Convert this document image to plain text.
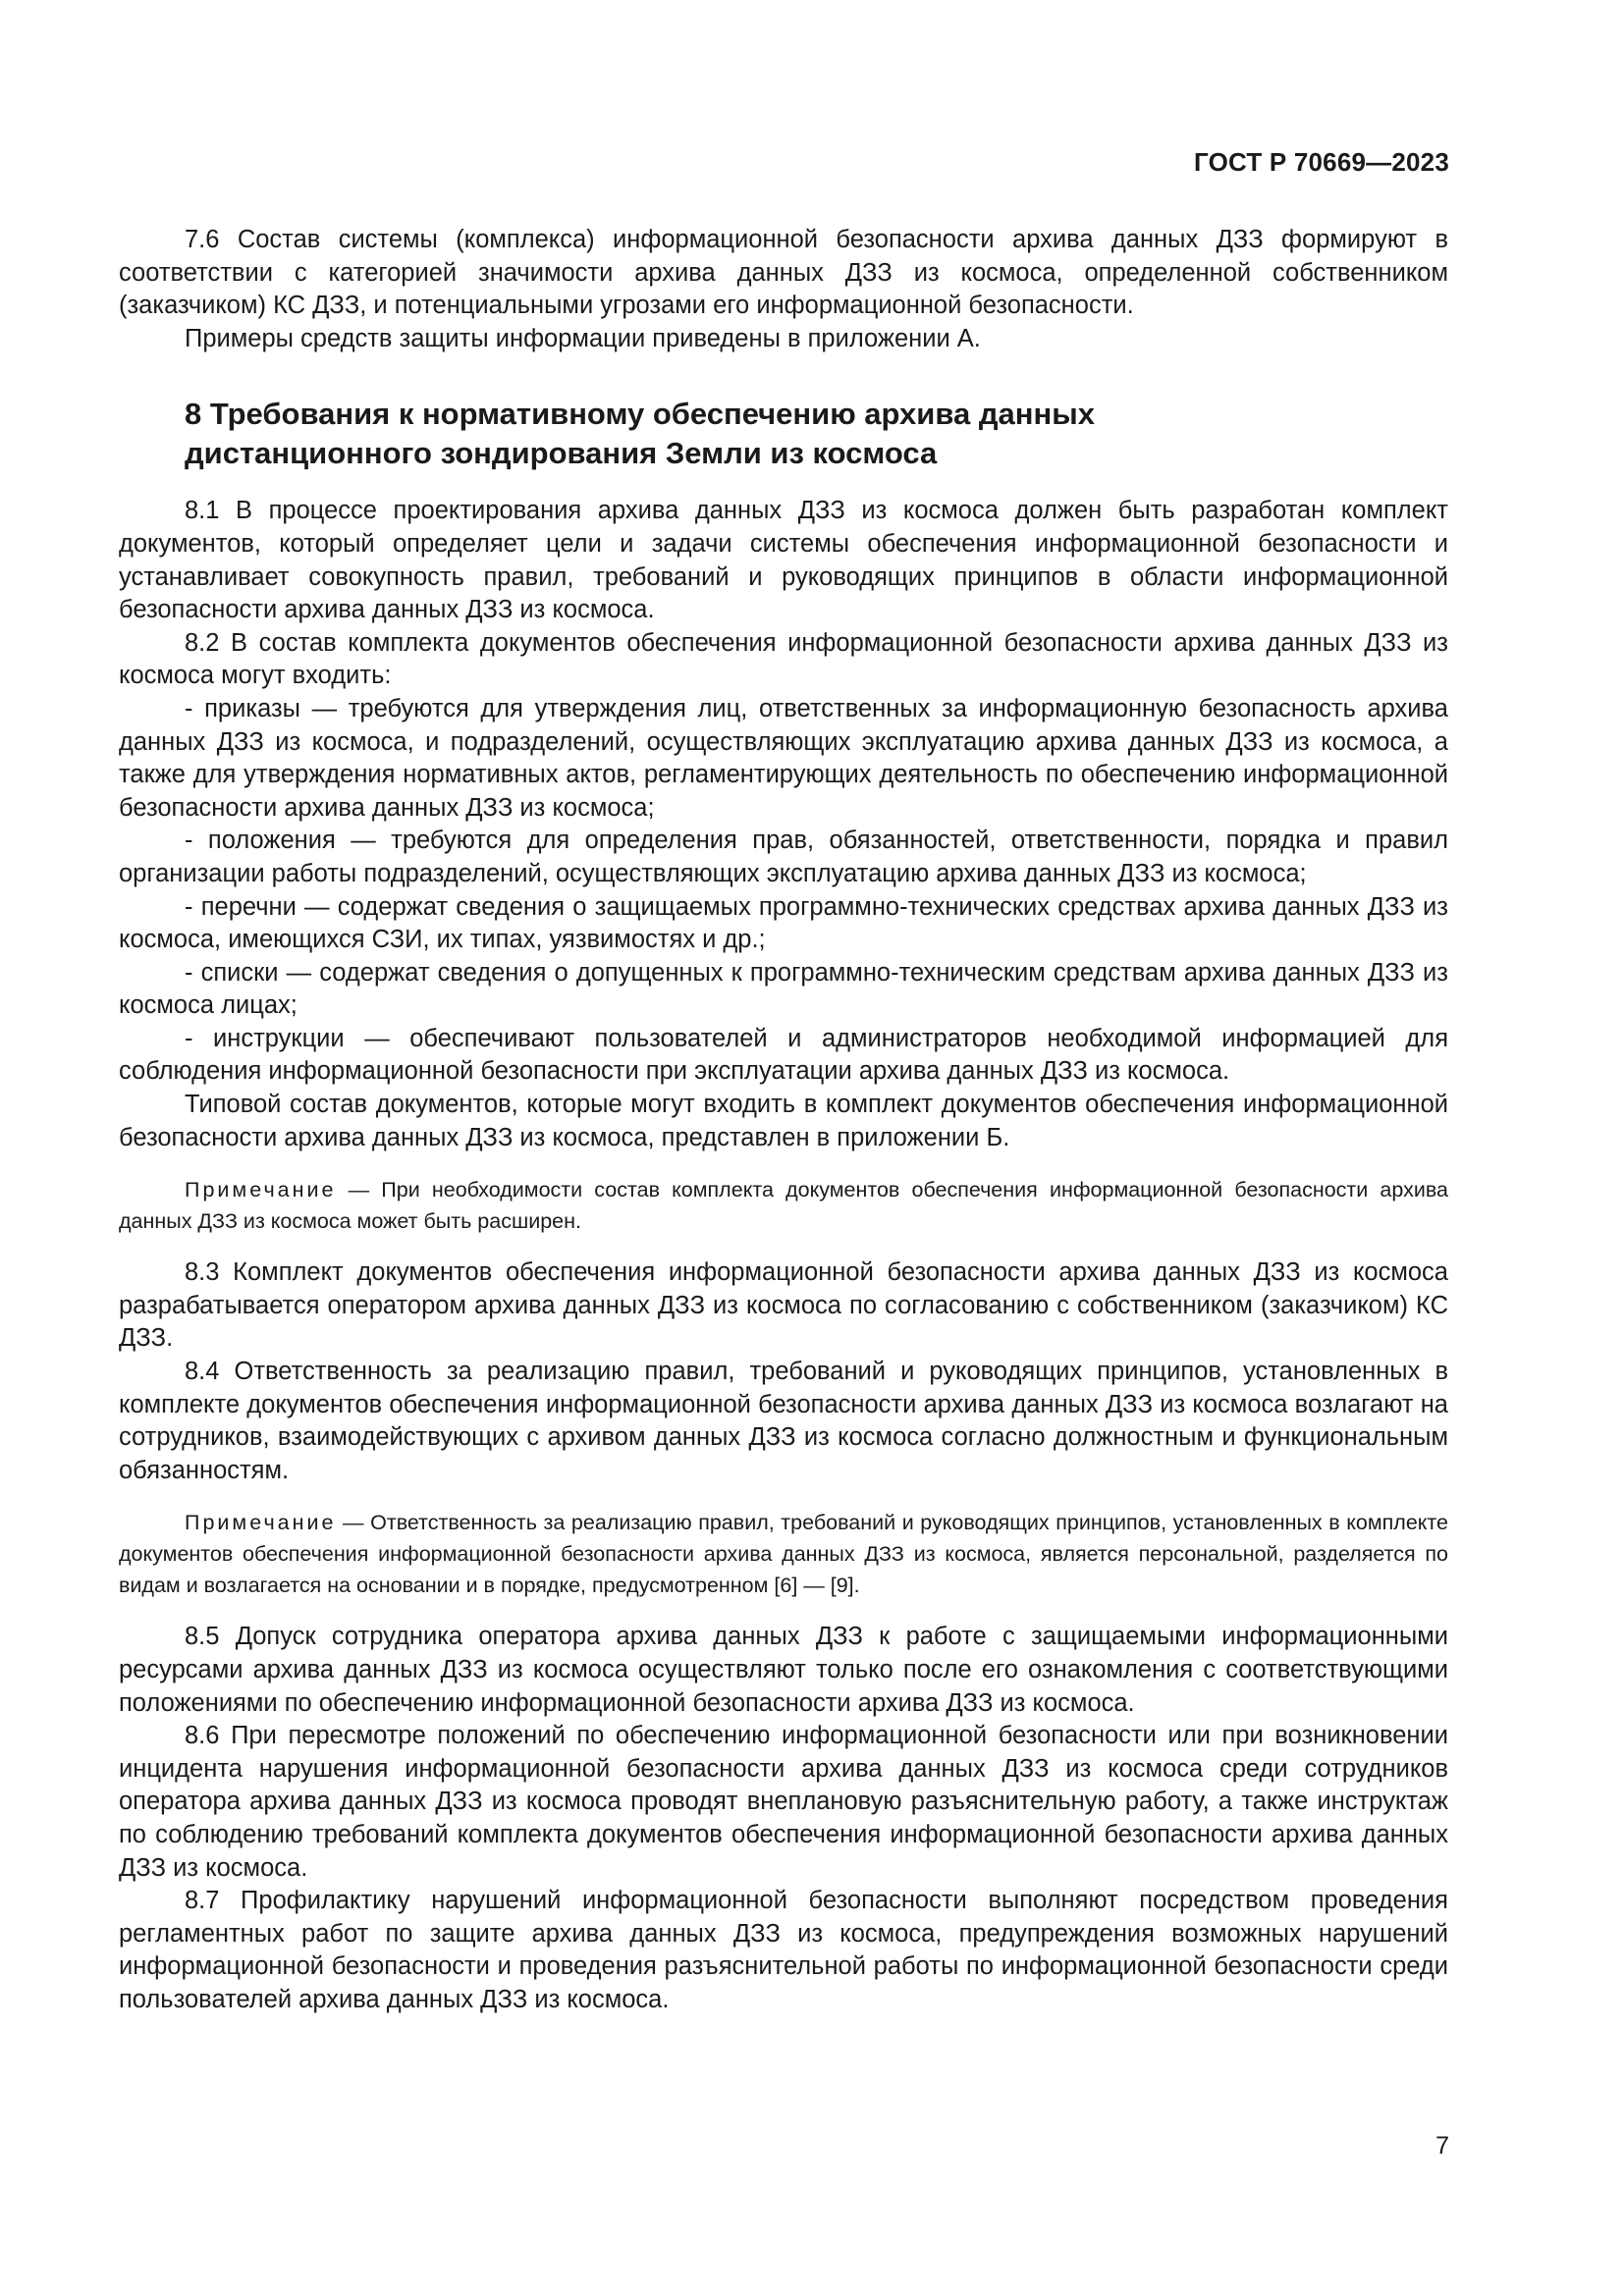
ГОСТ Р 70669—2023

7.6 Состав системы (комплекса) информационной безопасности архива данных ДЗЗ формируют в соответствии с категорией значимости архива данных ДЗЗ из космоса, определенной собственником (заказчиком) КС ДЗЗ, и потенциальными угрозами его информационной безопасности.

Примеры средств защиты информации приведены в приложении А.

8 Требования к нормативному обеспечению архива данных
дистанционного зондирования Земли из космоса

8.1 В процессе проектирования архива данных ДЗЗ из космоса должен быть разработан комплект документов, который определяет цели и задачи системы обеспечения информационной безопасности и устанавливает совокупность правил, требований и руководящих принципов в области информационной безопасности архива данных ДЗЗ из космоса.

8.2 В состав комплекта документов обеспечения информационной безопасности архива данных ДЗЗ из космоса могут входить:

- приказы — требуются для утверждения лиц, ответственных за информационную безопасность архива данных ДЗЗ из космоса, и подразделений, осуществляющих эксплуатацию архива данных ДЗЗ из космоса, а также для утверждения нормативных актов, регламентирующих деятельность по обеспечению информационной безопасности архива данных ДЗЗ из космоса;

- положения — требуются для определения прав, обязанностей, ответственности, порядка и правил организации работы подразделений, осуществляющих эксплуатацию архива данных ДЗЗ из космоса;

- перечни — содержат сведения о защищаемых программно-технических средствах архива данных ДЗЗ из космоса, имеющихся СЗИ, их типах, уязвимостях и др.;

- списки — содержат сведения о допущенных к программно-техническим средствам архива данных ДЗЗ из космоса лицах;

- инструкции — обеспечивают пользователей и администраторов необходимой информацией для соблюдения информационной безопасности при эксплуатации архива данных ДЗЗ из космоса.

Типовой состав документов, которые могут входить в комплект документов обеспечения информационной безопасности архива данных ДЗЗ из космоса, представлен в приложении Б.

Примечание — При необходимости состав комплекта документов обеспечения информационной безопасности архива данных ДЗЗ из космоса может быть расширен.

8.3 Комплект документов обеспечения информационной безопасности архива данных ДЗЗ из космоса разрабатывается оператором архива данных ДЗЗ из космоса по согласованию с собственником (заказчиком) КС ДЗЗ.

8.4 Ответственность за реализацию правил, требований и руководящих принципов, установленных в комплекте документов обеспечения информационной безопасности архива данных ДЗЗ из космоса возлагают на сотрудников, взаимодействующих с архивом данных ДЗЗ из космоса согласно должностным и функциональным обязанностям.

Примечание — Ответственность за реализацию правил, требований и руководящих принципов, установленных в комплекте документов обеспечения информационной безопасности архива данных ДЗЗ из космоса, является персональной, разделяется по видам и возлагается на основании и в порядке, предусмотренном [6] — [9].

8.5 Допуск сотрудника оператора архива данных ДЗЗ к работе с защищаемыми информационными ресурсами архива данных ДЗЗ из космоса осуществляют только после его ознакомления с соответствующими положениями по обеспечению информационной безопасности архива ДЗЗ из космоса.

8.6 При пересмотре положений по обеспечению информационной безопасности или при возникновении инцидента нарушения информационной безопасности архива данных ДЗЗ из космоса среди сотрудников оператора архива данных ДЗЗ из космоса проводят внеплановую разъяснительную работу, а также инструктаж по соблюдению требований комплекта документов обеспечения информационной безопасности архива данных ДЗЗ из космоса.

8.7 Профилактику нарушений информационной безопасности выполняют посредством проведения регламентных работ по защите архива данных ДЗЗ из космоса, предупреждения возможных нарушений информационной безопасности и проведения разъяснительной работы по информационной безопасности среди пользователей архива данных ДЗЗ из космоса.

7
